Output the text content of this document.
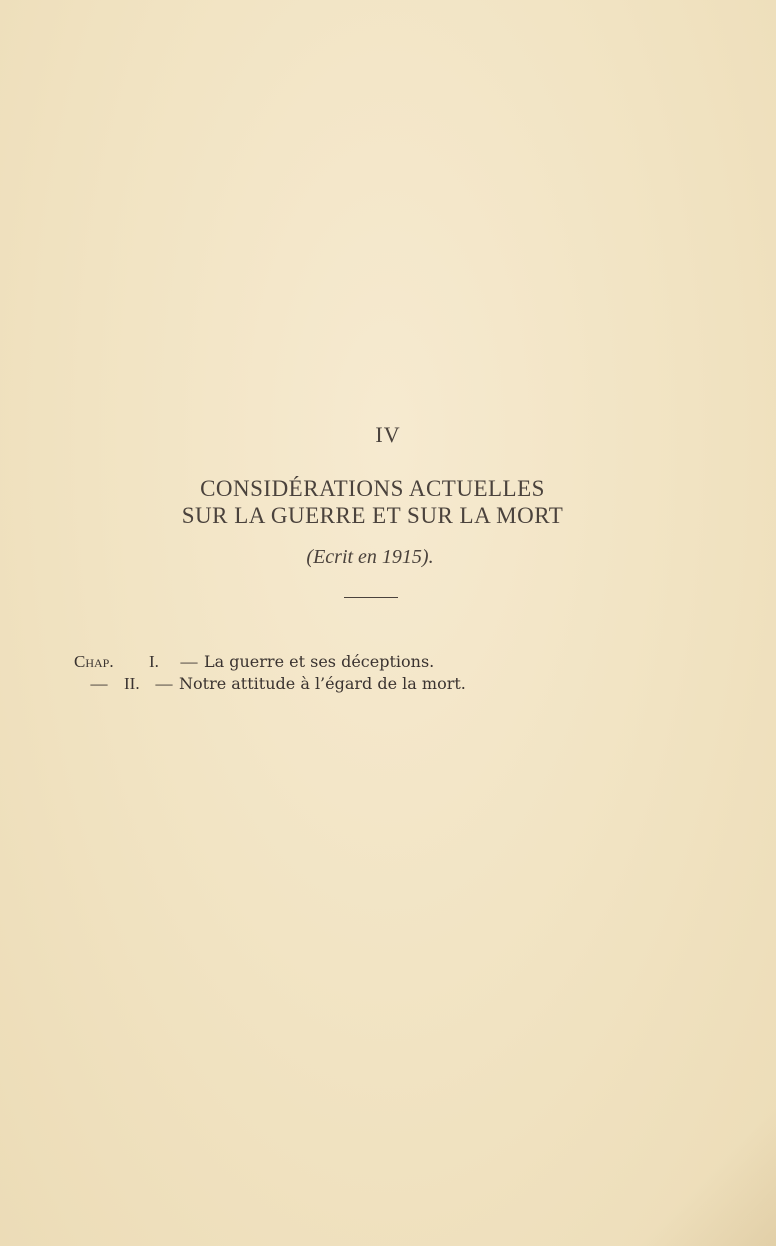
IV
CONSIDÉRATIONS ACTUELLES
SUR LA GUERRE ET SUR LA MORT
(Ecrit en 1915).
Chap.	I.	— La guerre et ses déceptions.
— II. — Notre attitude à l’égard de la mort.
